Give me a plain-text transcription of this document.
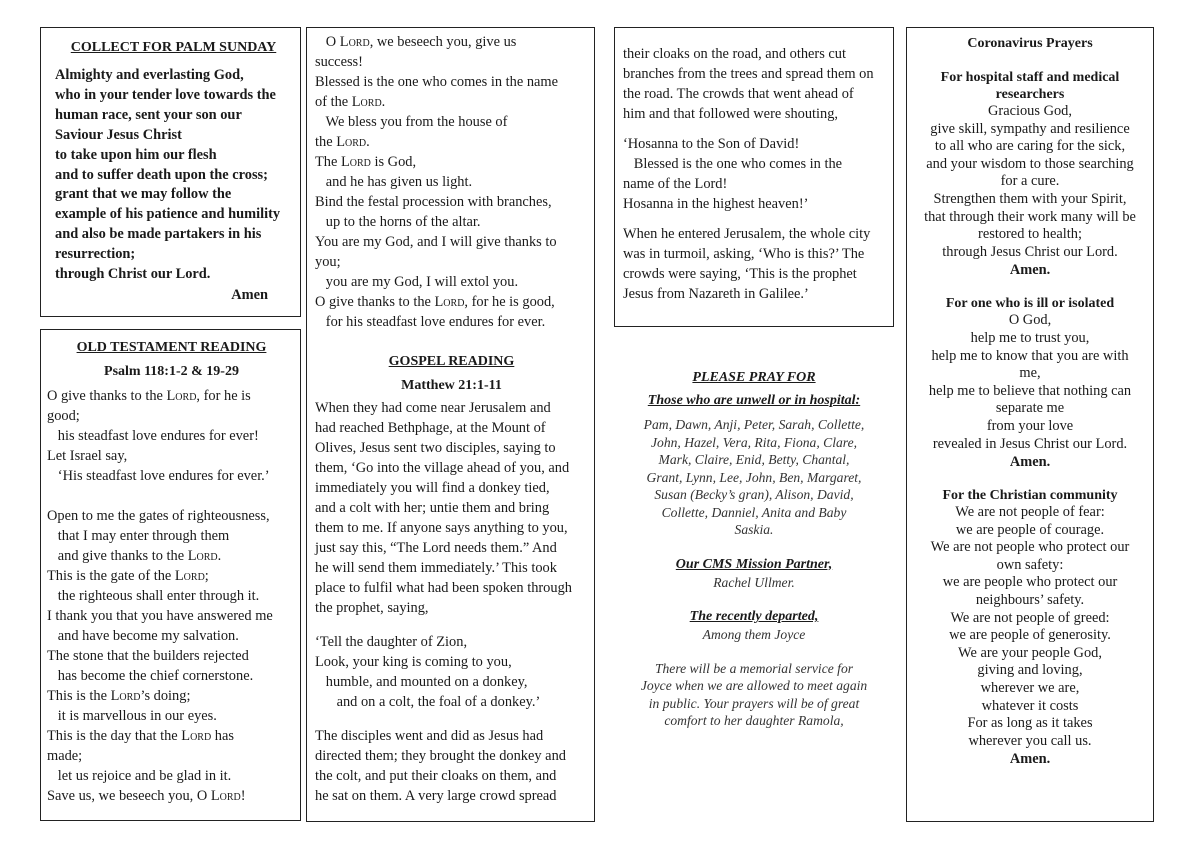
COLLECT FOR PALM SUNDAY
Almighty and everlasting God,
who in your tender love towards the
human race, sent your son our
Saviour Jesus Christ
to take upon him our flesh
and to suffer death upon the cross;
grant that we may follow the
example of his patience and humility
and also be made partakers in his
resurrection;
through Christ our Lord.
Amen
OLD TESTAMENT READING
Psalm 118:1-2 & 19-29
O give thanks to the Lord, for he is
good;
his steadfast love endures for ever!
Let Israel say,
‘His steadfast love endures for ever.’
Open to me the gates of righteousness,
that I may enter through them
and give thanks to the Lord.
This is the gate of the Lord;
the righteous shall enter through it.
I thank you that you have answered me
and have become my salvation.
The stone that the builders rejected
has become the chief cornerstone.
This is the Lord’s doing;
it is marvellous in our eyes.
This is the day that the Lord has
made;
let us rejoice and be glad in it.
Save us, we beseech you, O Lord!
O Lord, we beseech you, give us
success!
Blessed is the one who comes in the name
of the Lord.
We bless you from the house of
the Lord.
The Lord is God,
and he has given us light.
Bind the festal procession with branches,
up to the horns of the altar.
You are my God, and I will give thanks to
you;
you are my God, I will extol you.
O give thanks to the Lord, for he is good,
for his steadfast love endures for ever.
GOSPEL READING
Matthew 21:1-11
When they had come near Jerusalem and
had reached Bethphage, at the Mount of
Olives, Jesus sent two disciples, saying to
them, ‘Go into the village ahead of you, and
immediately you will find a donkey tied,
and a colt with her; untie them and bring
them to me. If anyone says anything to you,
just say this, “The Lord needs them.” And
he will send them immediately.’ This took
place to fulfil what had been spoken through
the prophet, saying,
‘Tell the daughter of Zion,
Look, your king is coming to you,
humble, and mounted on a donkey,
and on a colt, the foal of a donkey.’
The disciples went and did as Jesus had
directed them; they brought the donkey and
the colt, and put their cloaks on them, and
he sat on them. A very large crowd spread
their cloaks on the road, and others cut
branches from the trees and spread them on
the road. The crowds that went ahead of
him and that followed were shouting,
‘Hosanna to the Son of David!
Blessed is the one who comes in the
name of the Lord!
Hosanna in the highest heaven!’
When he entered Jerusalem, the whole city
was in turmoil, asking, ‘Who is this?’ The
crowds were saying, ‘This is the prophet
Jesus from Nazareth in Galilee.’
PLEASE PRAY FOR
Those who are unwell or in hospital:
Pam, Dawn, Anji, Peter, Sarah, Collette,
John, Hazel, Vera, Rita, Fiona, Clare,
Mark, Claire, Enid, Betty, Chantal,
Grant, Lynn, Lee, John, Ben, Margaret,
Susan (Becky’s gran), Alison, David,
Collette, Danniel, Anita and Baby
Saskia.
Our CMS Mission Partner,
Rachel Ullmer.
The recently departed,
Among them Joyce
There will be a memorial service for
Joyce when we are allowed to meet again
in public. Your prayers will be of great
comfort to her daughter Ramola,
Coronavirus Prayers
For hospital staff and medical
researchers
Gracious God,
give skill, sympathy and resilience
to all who are caring for the sick,
and your wisdom to those searching
for a cure.
Strengthen them with your Spirit,
that through their work many will be
restored to health;
through Jesus Christ our Lord.
Amen.
For one who is ill or isolated
O God,
help me to trust you,
help me to know that you are with
me,
help me to believe that nothing can
separate me
from your love
revealed in Jesus Christ our Lord.
Amen.
For the Christian community
We are not people of fear:
we are people of courage.
We are not people who protect our
own safety:
we are people who protect our
neighbours’ safety.
We are not people of greed:
we are people of generosity.
We are your people God,
giving and loving,
wherever we are,
whatever it costs
For as long as it takes
wherever you call us.
Amen.
